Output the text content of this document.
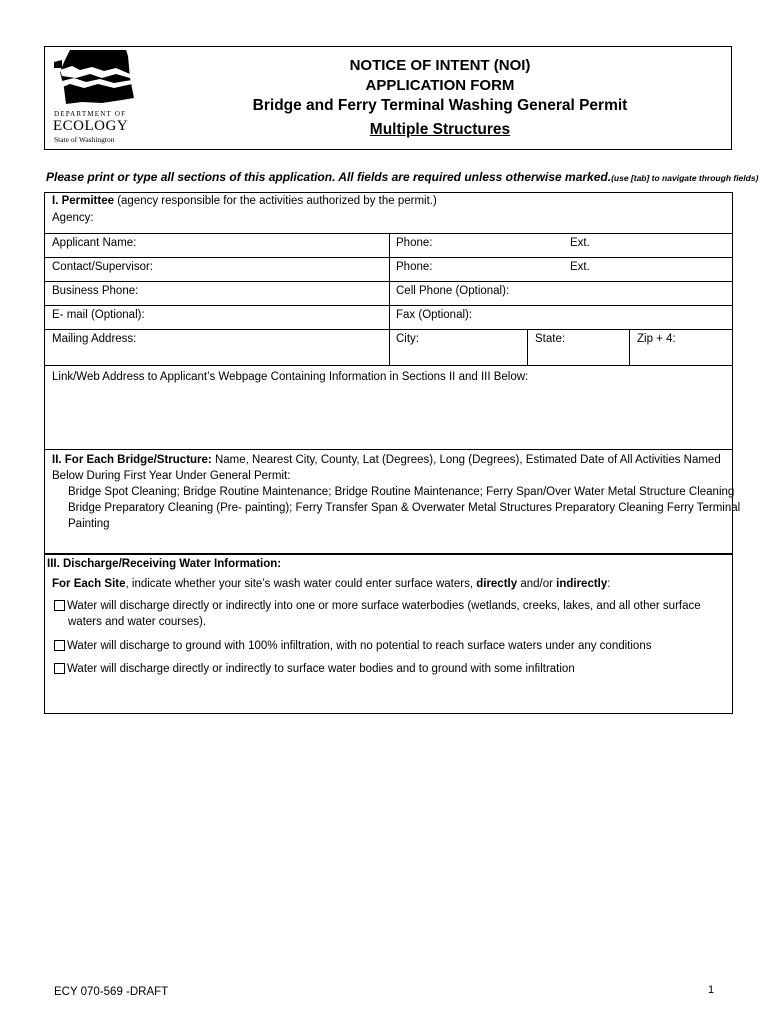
DEPARTMENT OF
ECOLOGY
State of Washington
NOTICE OF INTENT (NOI)
APPLICATION FORM
Bridge and Ferry Terminal Washing General Permit
Multiple Structures
Please print or type all sections of this application. All fields are required unless otherwise marked.(use [tab] to navigate through fields)
I. Permittee (agency responsible for the activities authorized by the permit.)
Agency:
Applicant Name:	Phone:	Ext.
Contact/Supervisor:	Phone:	Ext.
Business Phone:	Cell Phone (Optional):
E- mail (Optional):	Fax (Optional):
Mailing Address:	City:	State:	Zip + 4:
Link/Web Address to Applicant’s Webpage Containing Information in Sections II and III Below:
II. For Each Bridge/Structure: Name, Nearest City, County, Lat (Degrees), Long (Degrees), Estimated Date of All Activities Named
Below During First Year Under General Permit:
Bridge Spot Cleaning; Bridge Routine Maintenance; Bridge Routine Maintenance; Ferry Span/Over Water Metal Structure Cleaning
Bridge Preparatory Cleaning (Pre- painting); Ferry Transfer Span & Overwater Metal Structures Preparatory Cleaning Ferry Terminal
Painting
III. Discharge/Receiving Water Information:
For Each Site, indicate whether your site’s wash water could enter surface waters, directly and/or indirectly:
Water will discharge directly or indirectly into one or more surface waterbodies (wetlands, creeks, lakes, and all other surface
waters and water courses).
Water will discharge to ground with 100% infiltration, with no potential to reach surface waters under any conditions
Water will discharge directly or indirectly to surface water bodies and to ground with some infiltration
ECY 070-569 -DRAFT	1
